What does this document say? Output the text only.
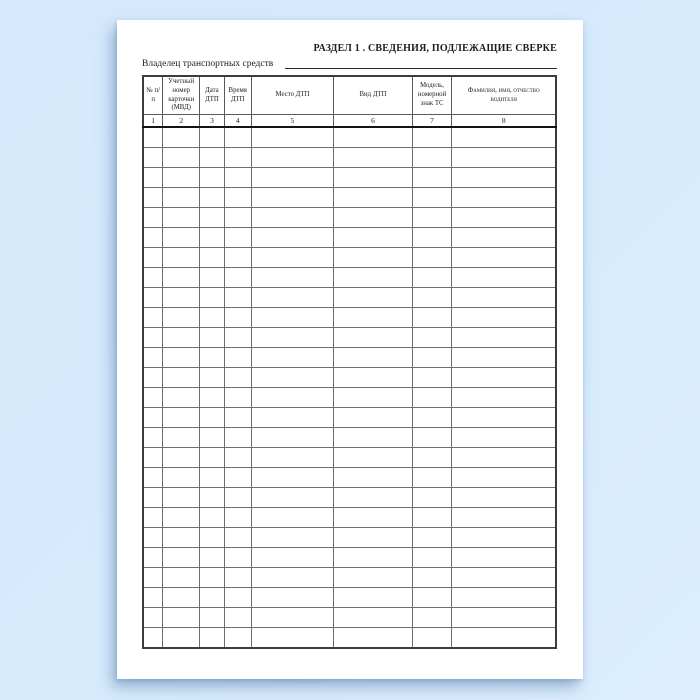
РАЗДЕЛ 1 . СВЕДЕНИЯ, ПОДЛЕЖАЩИЕ СВЕРКЕ
Владелец транспортных средств
№ п/п	Учетный номер карточки (МВД)	Дата ДТП	Время ДТП	Место ДТП	Вид ДТП	Модель, номерной знак ТС	Фамилия, имя, отчество водителя
1	2	3	4	5	6	7	8
